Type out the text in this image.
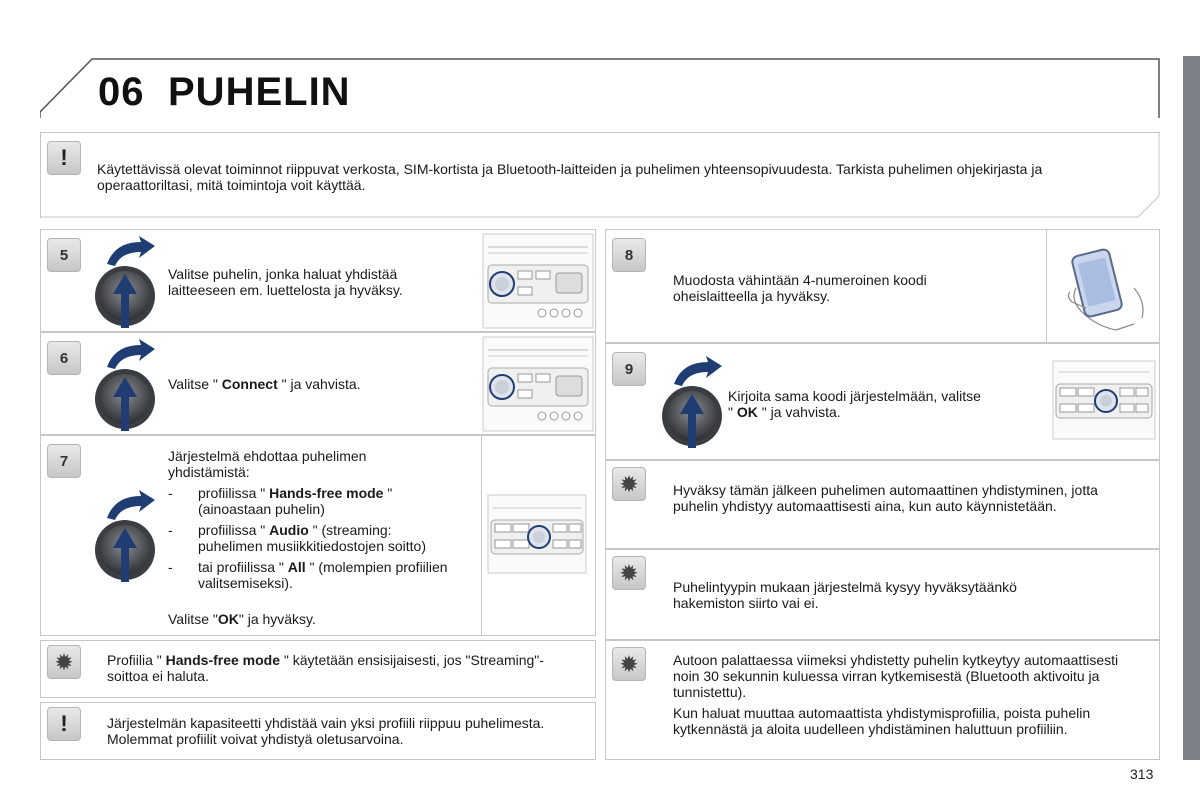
06 PUHELIN
!	Käytettävissä olevat toiminnot riippuvat verkosta, SIM-kortista ja Bluetooth-laitteiden ja puhelimen yhteensopivuudesta. Tarkista puhelimen ohjekirjasta ja operaattoriltasi, mitä toimintoja voit käyttää.

5

Valitse puhelin, jonka haluat yhdistää laitteeseen em. luettelosta ja hyväksy.

6

Valitse " Connect " ja vahvista.

7	Järjestelmä ehdottaa puhelimen yhdistämistä:

- profiilissa " Hands-free mode " (ainoastaan puhelin)
- profiilissa " Audio " (streaming: puhelimen musiikkitiedostojen soitto)
- tai profiilissa " All " (molempien profiilien valitsemiseksi).

Valitse "OK" ja hyväksy.

✹	Profiilia " Hands-free mode " käytetään ensisijaisesti, jos "Streaming"-soittoa ei haluta.

!	Järjestelmän kapasiteetti yhdistää vain yksi profiili riippuu puhelimesta. Molemmat profiilit voivat yhdistyä oletusarvoina.

8

Muodosta vähintään 4-numeroinen koodi oheislaitteella ja hyväksy.

9

Kirjoita sama koodi järjestelmään, valitse " OK " ja vahvista.

✹	Hyväksy tämän jälkeen puhelimen automaattinen yhdistyminen, jotta puhelin yhdistyy automaattisesti aina, kun auto käynnistetään.

✹

Puhelintyypin mukaan järjestelmä kysyy hyväksytäänkö hakemiston siirto vai ei.

✹	Autoon palattaessa viimeksi yhdistetty puhelin kytkeytyy automaattisesti noin 30 sekunnin kuluessa virran kytkemisestä (Bluetooth aktivoitu ja tunnistettu).

Kun haluat muuttaa automaattista yhdistymisprofiilia, poista puhelin kytkennästä ja aloita uudelleen yhdistäminen haluttuun profiiliin.

313
